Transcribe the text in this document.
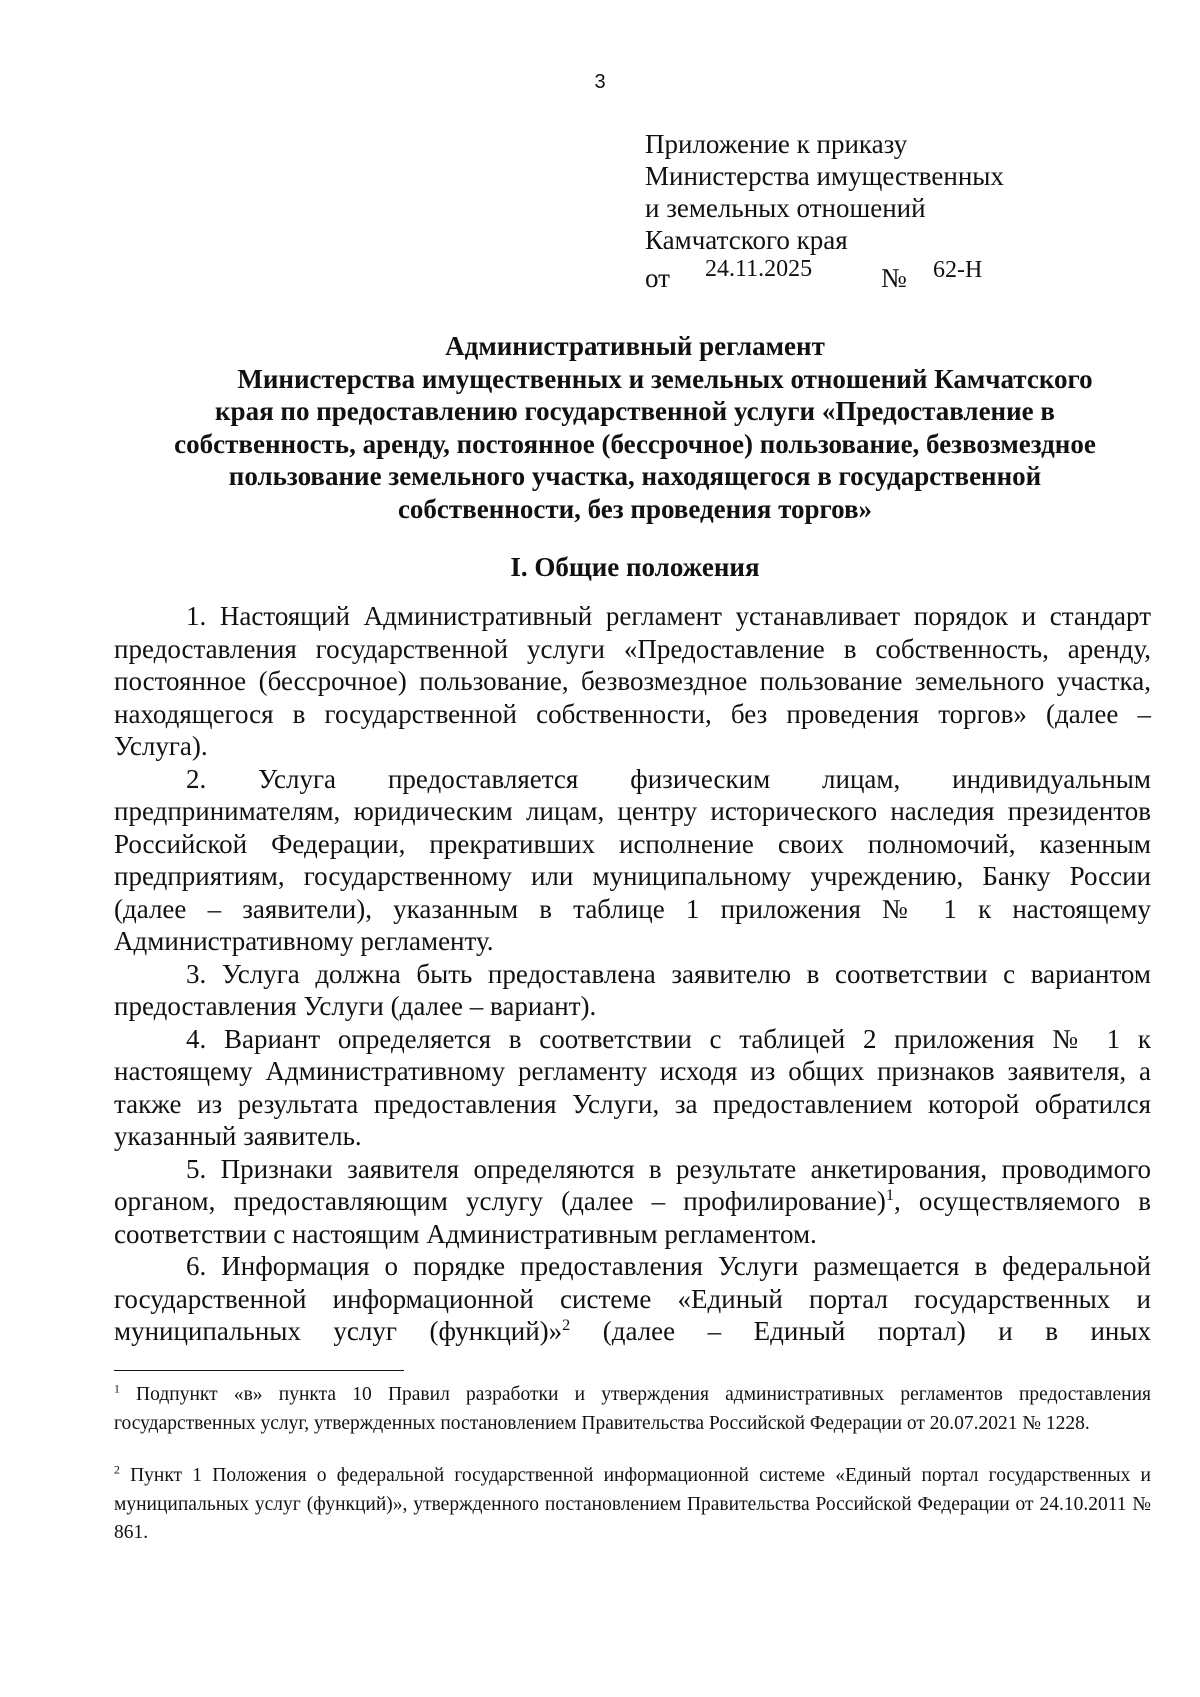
3
Приложение к приказу
Министерства имущественных
и земельных отношений
Камчатского края
от 24.11.2025	№ 62-Н
Административный регламент
Министерства имущественных и земельных отношений Камчатского
края по предоставлению государственной услуги «Предоставление в
собственность, аренду, постоянное (бессрочное) пользование, безвозмездное
пользование земельного участка, находящегося в государственной
собственности, без проведения торгов»
I. Общие положения

1. Настоящий Административный регламент устанавливает порядок и стандарт предоставления государственной услуги «Предоставление в собственность, аренду, постоянное (бессрочное) пользование, безвозмездное пользование земельного участка, находящегося в государственной собственности, без проведения торгов» (далее – Услуга).

2. Услуга предоставляется физическим лицам, индивидуальным предпринимателям, юридическим лицам, центру исторического наследия президентов Российской Федерации, прекративших исполнение своих полномочий, казенным предприятиям, государственному или муниципальному учреждению, Банку России (далее – заявители), указанным в таблице 1 приложения № 1 к настоящему Административному регламенту.

3. Услуга должна быть предоставлена заявителю в соответствии с вариантом предоставления Услуги (далее – вариант).

4. Вариант определяется в соответствии с таблицей 2 приложения № 1 к настоящему Административному регламенту исходя из общих признаков заявителя, а также из результата предоставления Услуги, за предоставлением которой обратился указанный заявитель.

5. Признаки заявителя определяются в результате анкетирования, проводимого органом, предоставляющим услугу (далее – профилирование)$^1$, осуществляемого в соответствии с настоящим Административным регламентом.

6. Информация о порядке предоставления Услуги размещается в федеральной государственной информационной системе «Единый портал государственных и муниципальных услуг (функций)»$^2$ (далее – Единый портал) и в иных

$^1$ Подпункт «в» пункта 10 Правил разработки и утверждения административных регламентов предоставления государственных услуг, утвержденных постановлением Правительства Российской Федерации от 20.07.2021 № 1228.

$^2$ Пункт 1 Положения о федеральной государственной информационной системе «Единый портал государственных и муниципальных услуг (функций)», утвержденного постановлением Правительства Российской Федерации от 24.10.2011 № 861.
